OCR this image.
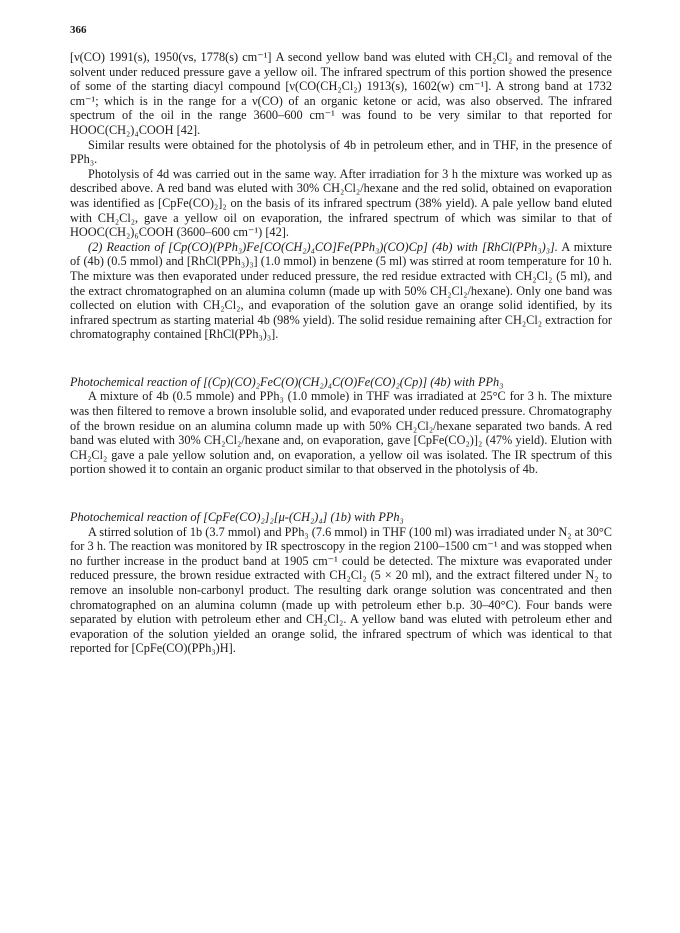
366

[ν(CO) 1991(s), 1950(vs, 1778(s) cm⁻¹] A second yellow band was eluted with CH₂Cl₂ and removal of the solvent under reduced pressure gave a yellow oil. The infrared spectrum of this portion showed the presence of some of the starting diacyl compound [ν(CO(CH₂Cl₂) 1913(s), 1602(w) cm⁻¹]. A strong band at 1732 cm⁻¹; which is in the range for a ν(CO) of an organic ketone or acid, was also observed. The infrared spectrum of the oil in the range 3600–600 cm⁻¹ was found to be very similar to that reported for HOOC(CH₂)₄COOH [42].

Similar results were obtained for the photolysis of 4b in petroleum ether, and in THF, in the presence of PPh₃.

Photolysis of 4d was carried out in the same way. After irradiation for 3 h the mixture was worked up as described above. A red band was eluted with 30% CH₂Cl₂/hexane and the red solid, obtained on evaporation was identified as [CpFe(CO)₂]₂ on the basis of its infrared spectrum (38% yield). A pale yellow band eluted with CH₂Cl₂, gave a yellow oil on evaporation, the infrared spectrum of which was similar to that of HOOC(CH₂)₆COOH (3600–600 cm⁻¹) [42].

(2) Reaction of [Cp(CO)(PPh₃)Fe[CO(CH₂)₄CO]Fe(PPh₃)(CO)Cp] (4b) with [RhCl(PPh₃)₃]. A mixture of (4b) (0.5 mmol) and [RhCl(PPh₃)₃] (1.0 mmol) in benzene (5 ml) was stirred at room temperature for 10 h. The mixture was then evaporated under reduced pressure, the red residue extracted with CH₂Cl₂ (5 ml), and the extract chromatographed on an alumina column (made up with 50% CH₂Cl₂/hexane). Only one band was collected on elution with CH₂Cl₂, and evaporation of the solution gave an orange solid identified, by its infrared spectrum as starting material 4b (98% yield). The solid residue remaining after CH₂Cl₂ extraction for chromatography contained [RhCl(PPh₃)₃].

Photochemical reaction of [(Cp)(CO)₂FeC(O)(CH₂)₄C(O)Fe(CO)₂(Cp)] (4b) with PPh₃

A mixture of 4b (0.5 mmole) and PPh₃ (1.0 mmole) in THF was irradiated at 25°C for 3 h. The mixture was then filtered to remove a brown insoluble solid, and evaporated under reduced pressure. Chromatography of the brown residue on an alumina column made up with 50% CH₂Cl₂/hexane separated two bands. A red band was eluted with 30% CH₂Cl₂/hexane and, on evaporation, gave [CpFe(CO₂)]₂ (47% yield). Elution with CH₂Cl₂ gave a pale yellow solution and, on evaporation, a yellow oil was isolated. The IR spectrum of this portion showed it to contain an organic product similar to that observed in the photolysis of 4b.

Photochemical reaction of [CpFe(CO)₂]₂[μ-(CH₂)₄] (1b) with PPh₃

A stirred solution of 1b (3.7 mmol) and PPh₃ (7.6 mmol) in THF (100 ml) was irradiated under N₂ at 30°C for 3 h. The reaction was monitored by IR spectroscopy in the region 2100–1500 cm⁻¹ and was stopped when no further increase in the product band at 1905 cm⁻¹ could be detected. The mixture was evaporated under reduced pressure, the brown residue extracted with CH₂Cl₂ (5 × 20 ml), and the extract filtered under N₂ to remove an insoluble non-carbonyl product. The resulting dark orange solution was concentrated and then chromatographed on an alumina column (made up with petroleum ether b.p. 30–40°C). Four bands were separated by elution with petroleum ether and CH₂Cl₂. A yellow band was eluted with petroleum ether and evaporation of the solution yielded an orange solid, the infrared spectrum of which was identical to that reported for [CpFe(CO)(PPh₃)H].
